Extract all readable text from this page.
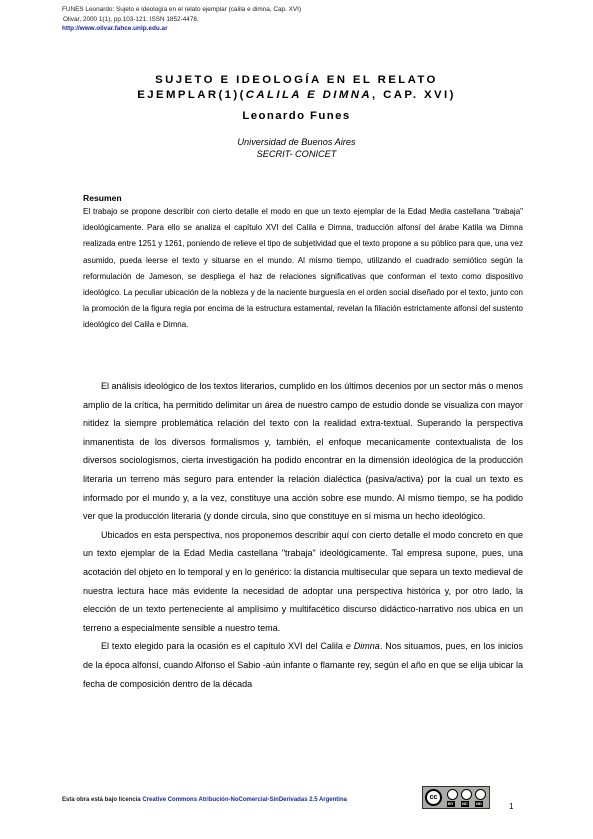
FUNES Leonardo: Sujeto e ideología en el relato ejemplar (calila e dimna, Cap. XVI)
Olivar, 2000 1(1), pp.103-121. ISSN 1852-4478.
http://www.olivar.fahce.unlp.edu.ar
SUJETO E IDEOLOGÍA EN EL RELATO
EJEMPLAR(1)(CALILA E DIMNA, CAP. XVI)
Leonardo Funes
Universidad de Buenos Aires
SECRIT- CONICET
Resumen

El trabajo se propone describir con cierto detalle el modo en que un texto ejemplar de la Edad Media castellana "trabaja" ideológicamente. Para ello se analiza el capítulo XVI del Calila e Dimna, traducción alfonsí del árabe Katila wa Dimna realizada entre 1251 y 1261, poniendo de relieve el tipo de subjetividad que el texto propone a su público para que, una vez asumido, pueda leerse el texto y situarse en el mundo. Al mismo tiempo, utilizando el cuadrado semiótico según la reformulación de Jameson, se despliega el haz de relaciones significativas que conforman el texto como dispositivo ideológico. La peculiar ubicación de la nobleza y de la naciente burguesía en el orden social diseñado por el texto, junto con la promoción de la figura regia por encima de la estructura estamental, revelan la filiación estrictamente alfonsí del sustento ideológico del Calila e Dimna.

El análisis ideológico de los textos literarios, cumplido en los últimos decenios por un sector más o menos amplio de la crítica, ha permitido delimitar un área de nuestro campo de estudio donde se visualiza con mayor nitidez la siempre problemática relación del texto con la realidad extra-textual. Superando la perspectiva inmanentista de los diversos formalismos y, también, el enfoque mecanicamente contextualista de los diversos sociologismos, cierta investigación ha podido encontrar en la dimensión ideológica de la producción literaria un terreno más seguro para entender la relación dialéctica (pasiva/activa) por la cual un texto es informado por el mundo y, a la vez, constituye una acción sobre ese mundo. Al mismo tiempo, se ha podido ver que la producción literaria (y donde circula, sino que constituye en sí misma un hecho ideológico.

Ubicados en esta perspectiva, nos proponemos describir aquí con cierto detalle el modo concreto en que un texto ejemplar de la Edad Media castellana "trabaja" ideológicamente. Tal empresa supone, pues, una acotación del objeto en lo temporal y en lo genérico: la distancia multisecular que separa un texto medieval de nuestra lectura hace más evidente la necesidad de adoptar una perspectiva histórica y, por otro lado, la elección de un texto perteneciente al amplísimo y multifacético discurso didáctico-narrativo nos ubica en un terreno a especialmente sensible a nuestro tema.

El texto elegido para la ocasión es el capítulo XVI del Calila e Dimna. Nos situamos, pues, en los inicios de la época alfonsí, cuando Alfonso el Sabio -aún infante o flamante rey, según el año en que se elija ubicar la fecha de composición dentro de la década

Esta obra está bajo licencia Creative Commons Atribución-NoComercial-SinDerivadas 2.5 Argentina	cc
BY NC ND	1
